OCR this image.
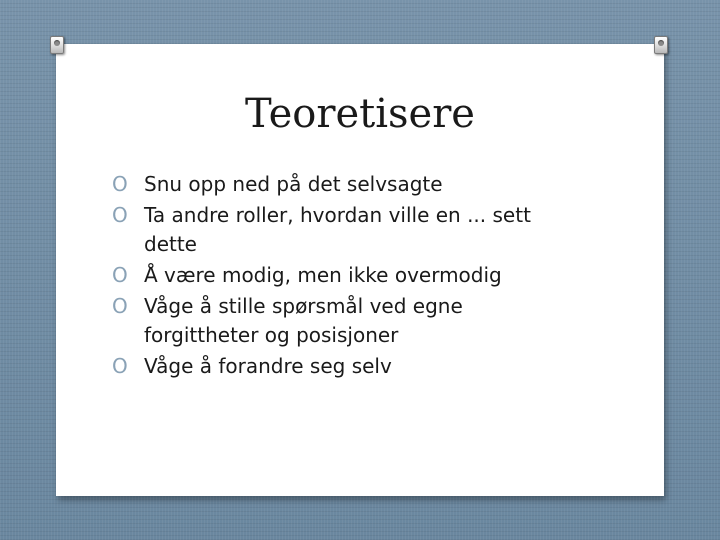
Teoretisere
O Snu opp ned på det selvsagte
O Ta andre roller, hvordan ville en ... sett dette
O Å være modig, men ikke overmodig
O Våge å stille spørsmål ved egne forgittheter og posisjoner
O Våge å forandre seg selv
